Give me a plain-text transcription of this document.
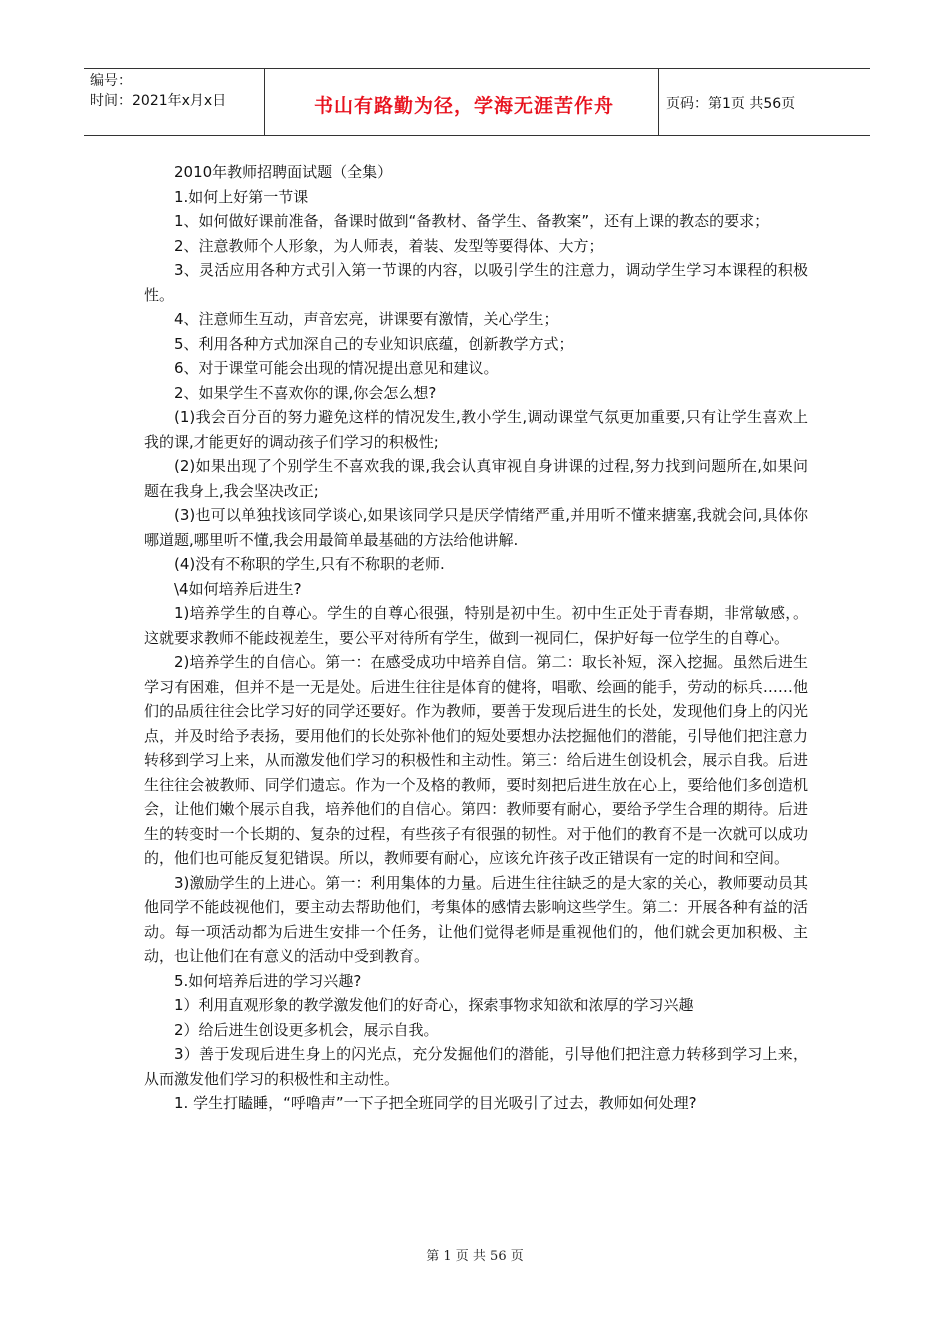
编号：
时间：2021年x月x日	书山有路勤为径，学海无涯苦作舟	页码：第1页 共56页

2010年教师招聘面试题（全集）

1.如何上好第一节课

1、如何做好课前准备，备课时做到“备教材、备学生、备教案”，还有上课的教态的要求；

2、注意教师个人形象，为人师表，着装、发型等要得体、大方；

3、灵活应用各种方式引入第一节课的内容，以吸引学生的注意力，调动学生学习本课程的积极性。

4、注意师生互动，声音宏亮，讲课要有激情，关心学生；

5、利用各种方式加深自己的专业知识底蕴，创新教学方式；

6、对于课堂可能会出现的情况提出意见和建议。

2、如果学生不喜欢你的课,你会怎么想?

(1)我会百分百的努力避免这样的情况发生,教小学生,调动课堂气氛更加重要,只有让学生喜欢上我的课,才能更好的调动孩子们学习的积极性;

(2)如果出现了个别学生不喜欢我的课,我会认真审视自身讲课的过程,努力找到问题所在,如果问题在我身上,我会坚决改正;

(3)也可以单独找该同学谈心,如果该同学只是厌学情绪严重,并用听不懂来搪塞,我就会问,具体你哪道题,哪里听不懂,我会用最简单最基础的方法给他讲解.

(4)没有不称职的学生,只有不称职的老师.

\4如何培养后进生?

1)培养学生的自尊心。学生的自尊心很强，特别是初中生。初中生正处于青春期，非常敏感，。这就要求教师不能歧视差生，要公平对待所有学生，做到一视同仁，保护好每一位学生的自尊心。

2)培养学生的自信心。第一：在感受成功中培养自信。第二：取长补短，深入挖掘。虽然后进生学习有困难，但并不是一无是处。后进生往往是体育的健将，唱歌、绘画的能手，劳动的标兵……他们的品质往往会比学习好的同学还要好。作为教师，要善于发现后进生的长处，发现他们身上的闪光点，并及时给予表扬，要用他们的长处弥补他们的短处要想办法挖掘他们的潜能，引导他们把注意力转移到学习上来，从而激发他们学习的积极性和主动性。第三：给后进生创设机会，展示自我。后进生往往会被教师、同学们遗忘。作为一个及格的教师，要时刻把后进生放在心上，要给他们多创造机会，让他们嫩个展示自我，培养他们的自信心。第四：教师要有耐心，要给予学生合理的期待。后进生的转变时一个长期的、复杂的过程，有些孩子有很强的韧性。对于他们的教育不是一次就可以成功的，他们也可能反复犯错误。所以，教师要有耐心，应该允许孩子改正错误有一定的时间和空间。

3)激励学生的上进心。第一：利用集体的力量。后进生往往缺乏的是大家的关心，教师要动员其他同学不能歧视他们，要主动去帮助他们，考集体的感情去影响这些学生。第二：开展各种有益的活动。每一项活动都为后进生安排一个任务，让他们觉得老师是重视他们的，他们就会更加积极、主动，也让他们在有意义的活动中受到教育。

5.如何培养后进的学习兴趣?

1）利用直观形象的教学激发他们的好奇心，探索事物求知欲和浓厚的学习兴趣

2）给后进生创设更多机会，展示自我。

3）善于发现后进生身上的闪光点，充分发掘他们的潜能，引导他们把注意力转移到学习上来，从而激发他们学习的积极性和主动性。

1. 学生打瞌睡，“呼噜声”一下子把全班同学的目光吸引了过去，教师如何处理?

第 1 页 共 56 页
